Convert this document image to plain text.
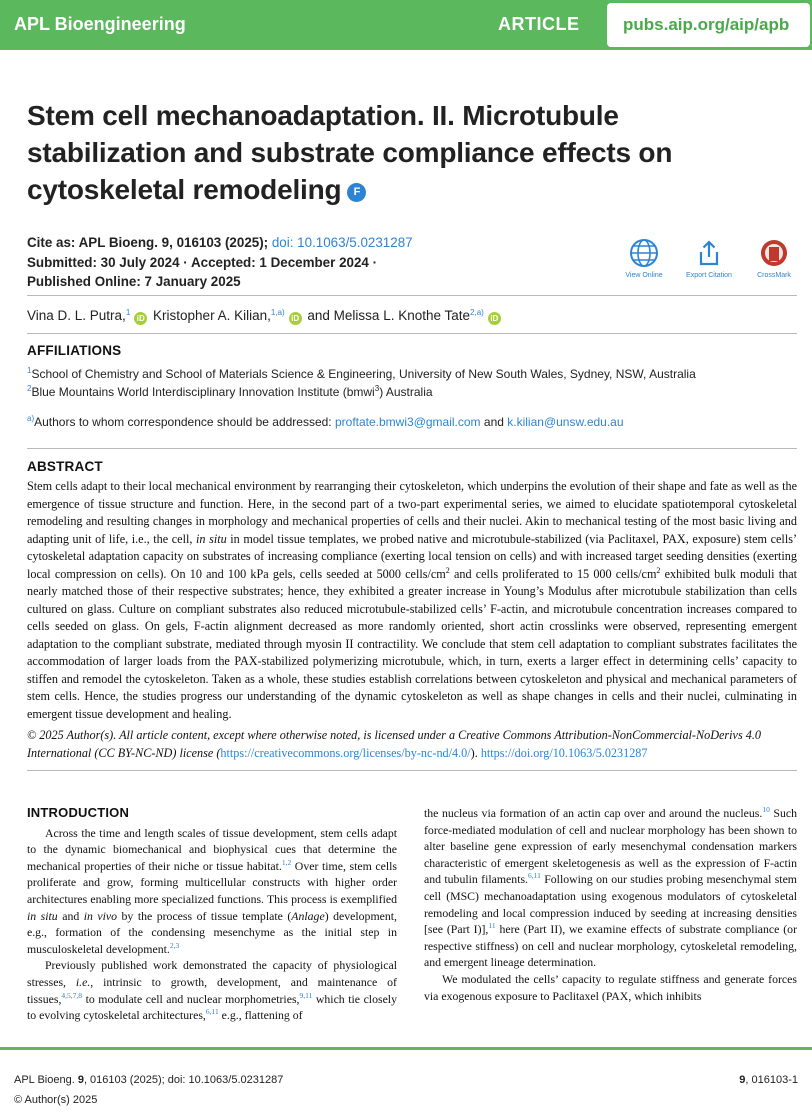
APL Bioengineering	ARTICLE	pubs.aip.org/aip/apb
Stem cell mechanoadaptation. II. Microtubule stabilization and substrate compliance effects on cytoskeletal remodeling F
Cite as: APL Bioeng. 9, 016103 (2025); doi: 10.1063/5.0231287
Submitted: 30 July 2024 · Accepted: 1 December 2024 ·
Published Online: 7 January 2025	View Online	Export Citation	CrossMark
Vina D. L. Putra,$^1$iD Kristopher A. Kilian,$^{1,a)}$iD and Melissa L. Knothe Tate$^{2,a)}$iD
AFFILIATIONS
$^1$School of Chemistry and School of Materials Science & Engineering, University of New South Wales, Sydney, NSW, Australia
$^2$Blue Mountains World Interdisciplinary Innovation Institute (bmwi$^3$) Australia
$^{a)}$Authors to whom correspondence should be addressed: proftate.bmwi3@gmail.com and k.kilian@unsw.edu.au
ABSTRACT
Stem cells adapt to their local mechanical environment by rearranging their cytoskeleton, which underpins the evolution of their shape and fate as well as the emergence of tissue structure and function. Here, in the second part of a two-part experimental series, we aimed to elucidate spatiotemporal cytoskeletal remodeling and resulting changes in morphology and mechanical properties of cells and their nuclei. Akin to mechanical testing of the most basic living and adapting unit of life, i.e., the cell, in situ in model tissue templates, we probed native and microtubule-stabilized (via Paclitaxel, PAX, exposure) stem cells’ cytoskeletal adaptation capacity on substrates of increasing compliance (exerting local tension on cells) and with increased target seeding densities (exerting local compression on cells). On 10 and 100 kPa gels, cells seeded at 5000 cells/$cm^2$ and cells proliferated to 15 000 cells/$cm^2$ exhibited bulk moduli that nearly matched those of their respective substrates; hence, they exhibited a greater increase in Young’s Modulus after microtubule stabilization than cells cultured on glass. Culture on compliant substrates also reduced microtubule-stabilized cells’ F-actin, and microtubule concentration increases compared to cells seeded on glass. On gels, F-actin alignment decreased as more randomly oriented, short actin crosslinks were observed, representing emergent adaptation to the compliant substrate, mediated through myosin II contractility. We conclude that stem cell adaptation to compliant substrates facilitates the accommodation of larger loads from the PAX-stabilized polymerizing microtubule, which, in turn, exerts a larger effect in determining cells’ capacity to stiffen and remodel the cytoskeleton. Taken as a whole, these studies establish correlations between cytoskeleton and physical and mechanical parameters of stem cells. Hence, the studies progress our understanding of the dynamic cytoskeleton as well as shape changes in cells and their nuclei, culminating in emergent tissue development and healing.
© 2025 Author(s). All article content, except where otherwise noted, is licensed under a Creative Commons Attribution-NonCommercial-NoDerivs 4.0 International (CC BY-NC-ND) license (https://creativecommons.org/licenses/by-nc-nd/4.0/). https://doi.org/10.1063/5.0231287
INTRODUCTION

Across the time and length scales of tissue development, stem cells adapt to the dynamic biomechanical and biophysical cues that determine the mechanical properties of their niche or tissue habitat.$^{1,2}$ Over time, stem cells proliferate and grow, forming multicellular constructs with higher order architectures enabling more specialized functions. This process is exemplified in situ and in vivo by the process of tissue template (Anlage) development, e.g., formation of the condensing mesenchyme as the initial step in musculoskeletal development.$^{2,3}$

Previously published work demonstrated the capacity of physiological stresses, i.e., intrinsic to growth, development, and maintenance of tissues,$^{4,5,7,8}$ to modulate cell and nuclear morphometries,$^{9,11}$ which tie closely to evolving cytoskeletal architectures,$^{6,11}$ e.g., flattening of

the nucleus via formation of an actin cap over and around the nucleus.$^{10}$ Such force-mediated modulation of cell and nuclear morphology has been shown to alter baseline gene expression of early mesenchymal condensation markers characteristic of emergent skeletogenesis as well as the expression of F-actin and tubulin filaments.$^{6,11}$ Following on our studies probing mesenchymal stem cell (MSC) mechanoadaptation using exogenous modulators of cytoskeletal remodeling and local compression induced by seeding at increasing densities [see (Part I)],$^{11}$ here (Part II), we examine effects of substrate compliance (or respective stiffness) on cell and nuclear morphology, cytoskeletal remodeling, and emergent lineage determination.

We modulated the cells’ capacity to regulate stiffness and generate forces via exogenous exposure to Paclitaxel (PAX, which inhibits

APL Bioeng. 9, 016103 (2025); doi: 10.1063/5.0231287
© Author(s) 2025
9, 016103-1
